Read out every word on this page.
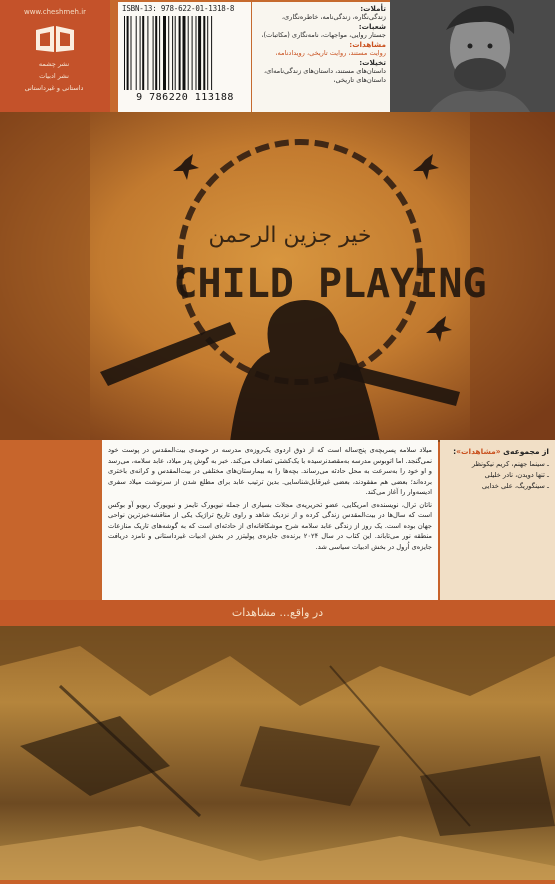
www.cheshmeh.ir
نشر چشمه
نشر ادبیات
داستانی و غیرداستانی
ISBN-13: 978-622-01-1318-8
9 786220 113188
تأملات:
زندگی‌نگاره، زندگی‌نامه، خاطره‌نگاری،
شعبات:
جستار روایی، مواجهات، نامه‌نگاری (مکاتبات)،
مشاهدات:
روایت مستند، روایت تاریخی، رویدادنامه،
تخیلات:
داستان‌های مستند، داستان‌های زندگی‌نامه‌ای،
داستان‌های تاریخی،
خیر جزین الرحمن
CHILD PLAYING

میلاد سلامه پسربچه‌ی پنج‌ساله است که از ذوق اردوی یک‌روزه‌ی مدرسه در حومه‌ی بیت‌المقدس در پوست خود نمی‌گنجد. اما اتوبوس مدرسه به‌مقصدنرسیده با یک‌کشتی تصادف می‌کند. خبر به گوش پدر میلاد، عابد سلامه، می‌رسد و او خود را به‌سرعت به محل حادثه می‌رساند. بچه‌ها را به بیمارستان‌های مختلفی در بیت‌المقدس و کرانه‌ی باختری برده‌اند؛ بعضی هم مفقودند، بعضی غیرقابل‌شناسایی. بدین ترتیب عابد برای مطلع شدن از سرنوشت میلاد سفری ادیسه‌وار را آغاز می‌کند.

ناتان ترال، نویسنده‌ی امریکایی، عضو تحریریه‌ی مجلات بسیاری از جمله نیویورک تایمز و نیویورک ریویو آو بوکس است که سال‌ها در بیت‌المقدس زندگی کرده و از نزدیک شاهد و راوی تاریخ تراژیک یکی از مناقشه‌خیزترین نواحی جهان بوده است. یک روز از زندگی عابد سلامه شرح موشکافانه‌ای از حادثه‌ای است که به گوشه‌های تاریک منازعات منطقه نور می‌تاباند. این کتاب در سال ۲۰۲۴ برنده‌ی جایزه‌ی پولیتزر در بخش ادبیات غیرداستانی و نامزد دریافت جایزه‌ی اُرول در بخش ادبیات سیاسی شد.

از مجموعه‌ی «مشاهدات»:
ـ سینما جهنم، کریم نیکونظر
ـ تنها دویدن، نادر خلیلی
ـ سینگوریگ، علی خدایی
در واقع... مشاهدات
